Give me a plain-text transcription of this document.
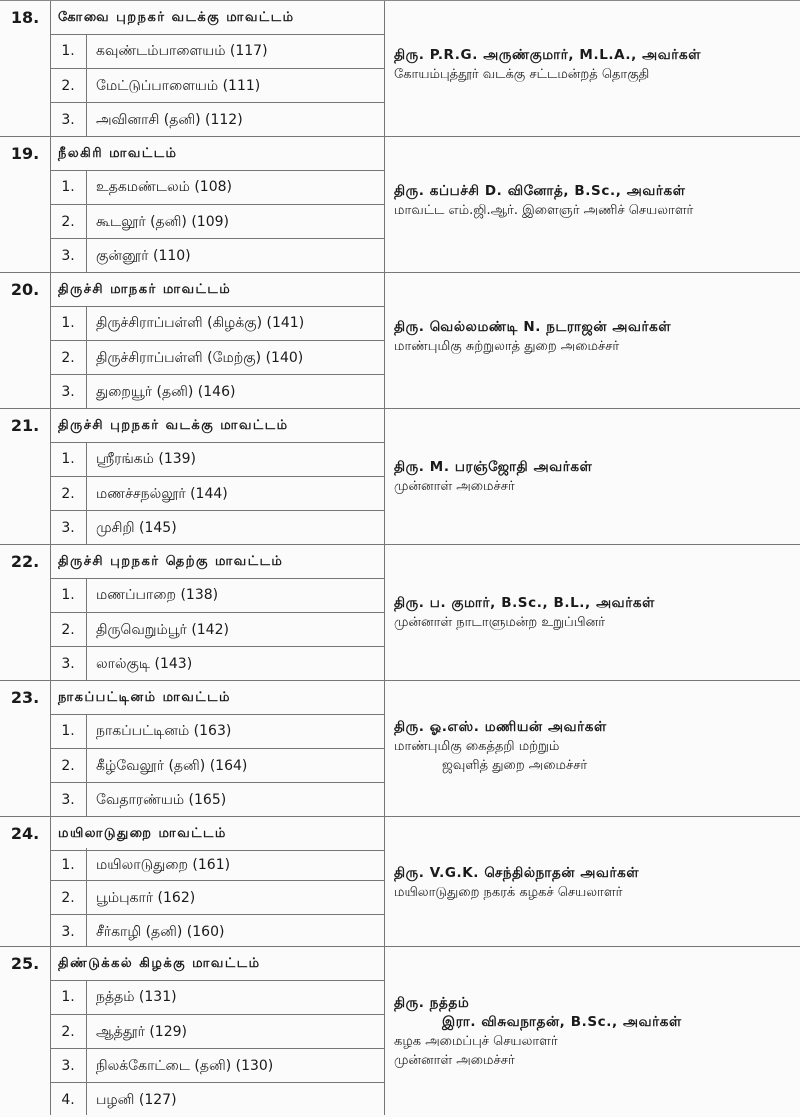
18.	கோவை புறநகர் வடக்கு மாவட்டம்
1.	கவுண்டம்பாளையம் (117)
2.	மேட்டுப்பாளையம் (111)
3.	அவினாசி (தனி) (112)
திரு. P.R.G. அருண்குமார், M.L.A., அவர்கள்
கோயம்புத்தூர் வடக்கு சட்டமன்றத் தொகுதி
19.	நீலகிரி மாவட்டம்
1.	உதகமண்டலம் (108)
2.	கூடலூர் (தனி) (109)
3.	குன்னூர் (110)
திரு. கப்பச்சி D. வினோத், B.Sc., அவர்கள்
மாவட்ட எம்.ஜி.ஆர். இளைஞர் அணிச் செயலாளர்
20.	திருச்சி மாநகர் மாவட்டம்
1.	திருச்சிராப்பள்ளி (கிழக்கு) (141)
2.	திருச்சிராப்பள்ளி (மேற்கு) (140)
3.	துறையூர் (தனி) (146)
திரு. வெல்லமண்டி N. நடராஜன் அவர்கள்
மாண்புமிகு சுற்றுலாத் துறை அமைச்சர்
21.	திருச்சி புறநகர் வடக்கு மாவட்டம்
1.	ஸ்ரீரங்கம் (139)
2.	மணச்சநல்லூர் (144)
3.	முசிறி (145)
திரு. M. பரஞ்ஜோதி அவர்கள்
முன்னாள் அமைச்சர்
22.	திருச்சி புறநகர் தெற்கு மாவட்டம்
1.	மணப்பாறை (138)
2.	திருவெறும்பூர் (142)
3.	லால்குடி (143)
திரு. ப. குமார், B.Sc., B.L., அவர்கள்
முன்னாள் நாடாளுமன்ற உறுப்பினர்
23.	நாகப்பட்டினம் மாவட்டம்
1.	நாகப்பட்டினம் (163)
2.	கீழ்வேலூர் (தனி) (164)
3.	வேதாரண்யம் (165)
திரு. ஓ.எஸ். மணியன் அவர்கள்
மாண்புமிகு கைத்தறி மற்றும்
ஜவுளித் துறை அமைச்சர்
24.	மயிலாடுதுறை மாவட்டம்
1.	மயிலாடுதுறை (161)
2.	பூம்புகார் (162)
3.	சீர்காழி (தனி) (160)
திரு. V.G.K. செந்தில்நாதன் அவர்கள்
மயிலாடுதுறை நகரக் கழகச் செயலாளர்
25.	திண்டுக்கல் கிழக்கு மாவட்டம்
1.	நத்தம் (131)
2.	ஆத்தூர் (129)
3.	நிலக்கோட்டை (தனி) (130)
4.	பழனி (127)
திரு. நத்தம்
இரா. விசுவநாதன், B.Sc., அவர்கள்
கழக அமைப்புச் செயலாளர்
முன்னாள் அமைச்சர்
